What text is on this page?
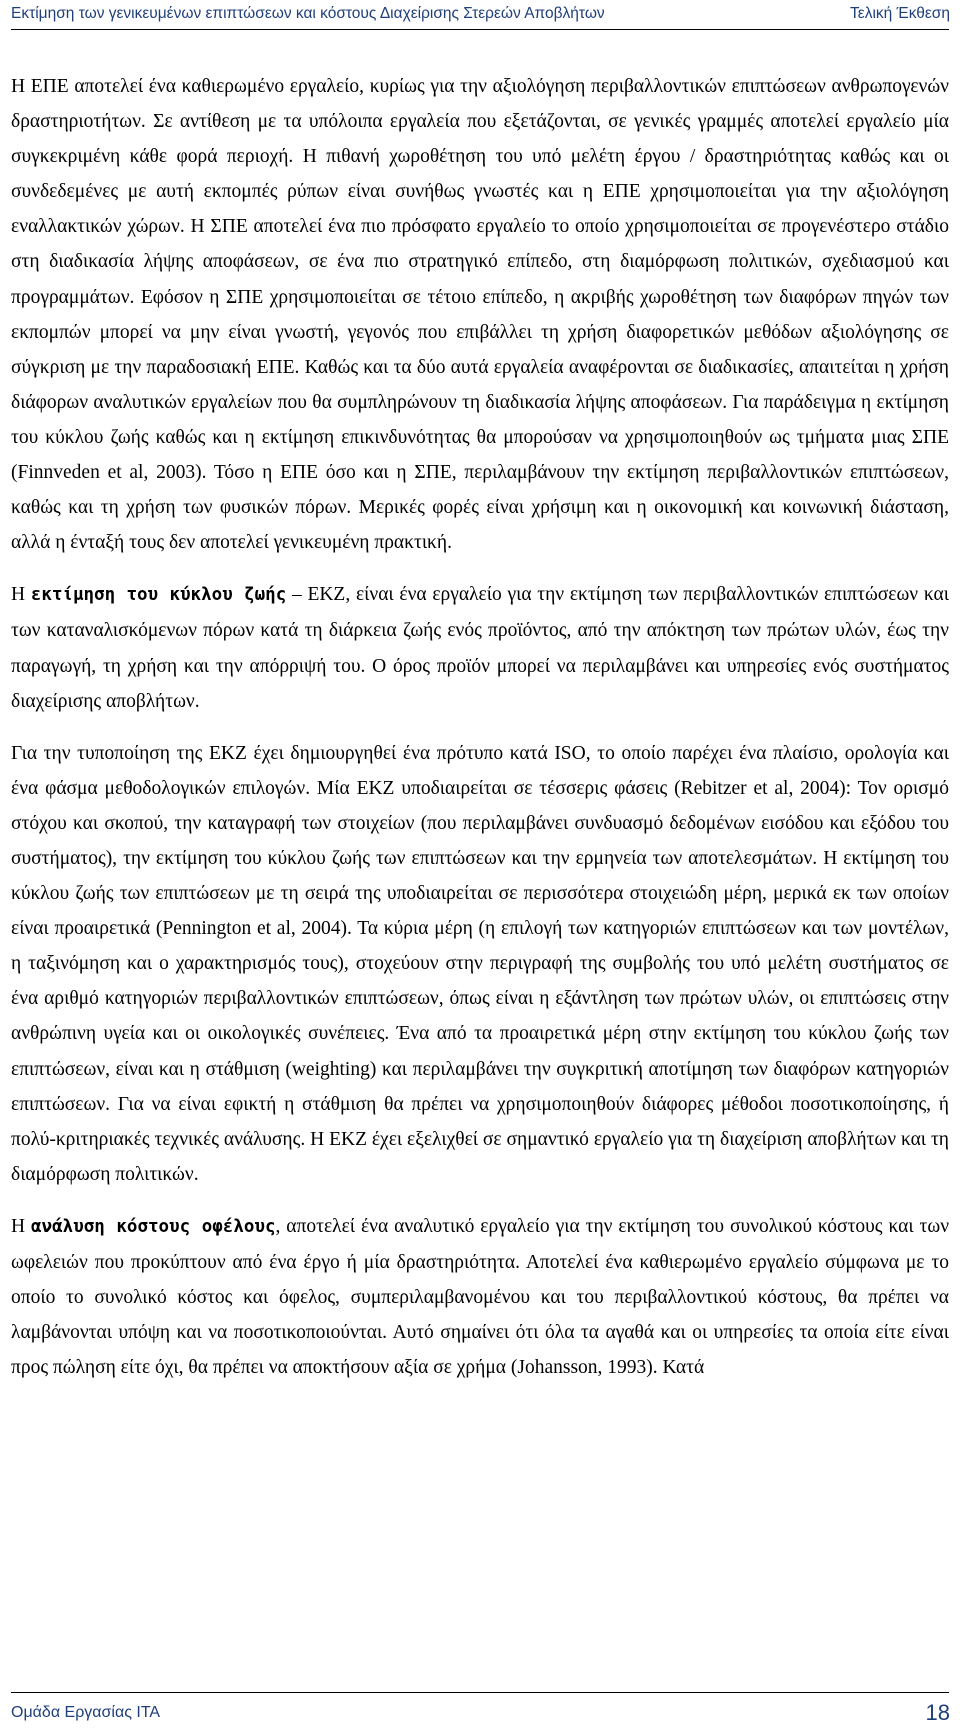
Εκτίμηση των γενικευμένων επιπτώσεων και κόστους Διαχείρισης Στερεών Αποβλήτων	Τελική Έκθεση

Η ΕΠΕ αποτελεί ένα καθιερωμένο εργαλείο, κυρίως για την αξιολόγηση περιβαλλοντικών επιπτώσεων ανθρωπογενών δραστηριοτήτων. Σε αντίθεση με τα υπόλοιπα εργαλεία που εξετάζονται, σε γενικές γραμμές αποτελεί εργαλείο μία συγκεκριμένη κάθε φορά περιοχή. Η πιθανή χωροθέτηση του υπό μελέτη έργου / δραστηριότητας καθώς και οι συνδεδεμένες με αυτή εκπομπές ρύπων είναι συνήθως γνωστές και η ΕΠΕ χρησιμοποιείται για την αξιολόγηση εναλλακτικών χώρων. Η ΣΠΕ αποτελεί ένα πιο πρόσφατο εργαλείο το οποίο χρησιμοποιείται σε προγενέστερο στάδιο στη διαδικασία λήψης αποφάσεων, σε ένα πιο στρατηγικό επίπεδο, στη διαμόρφωση πολιτικών, σχεδιασμού και προγραμμάτων. Εφόσον η ΣΠΕ χρησιμοποιείται σε τέτοιο επίπεδο, η ακριβής χωροθέτηση των διαφόρων πηγών των εκπομπών μπορεί να μην είναι γνωστή, γεγονός που επιβάλλει τη χρήση διαφορετικών μεθόδων αξιολόγησης σε σύγκριση με την παραδοσιακή ΕΠΕ. Καθώς και τα δύο αυτά εργαλεία αναφέρονται σε διαδικασίες, απαιτείται η χρήση διάφορων αναλυτικών εργαλείων που θα συμπληρώνουν τη διαδικασία λήψης αποφάσεων. Για παράδειγμα η εκτίμηση του κύκλου ζωής καθώς και η εκτίμηση επικινδυνότητας θα μπορούσαν να χρησιμοποιηθούν ως τμήματα μιας ΣΠΕ (Finnveden et al, 2003). Τόσο η ΕΠΕ όσο και η ΣΠΕ, περιλαμβάνουν την εκτίμηση περιβαλλοντικών επιπτώσεων, καθώς και τη χρήση των φυσικών πόρων. Μερικές φορές είναι χρήσιμη και η οικονομική και κοινωνική διάσταση, αλλά η ένταξή τους δεν αποτελεί γενικευμένη πρακτική.

Η εκτίμηση του κύκλου ζωής – ΕΚΖ, είναι ένα εργαλείο για την εκτίμηση των περιβαλλοντικών επιπτώσεων και των καταναλισκόμενων πόρων κατά τη διάρκεια ζωής ενός προϊόντος, από την απόκτηση των πρώτων υλών, έως την παραγωγή, τη χρήση και την απόρριψή του. Ο όρος προϊόν μπορεί να περιλαμβάνει και υπηρεσίες ενός συστήματος διαχείρισης αποβλήτων.

Για την τυποποίηση της ΕΚΖ έχει δημιουργηθεί ένα πρότυπο κατά ISO, το οποίο παρέχει ένα πλαίσιο, ορολογία και ένα φάσμα μεθοδολογικών επιλογών. Μία ΕΚΖ υποδιαιρείται σε τέσσερις φάσεις (Rebitzer et al, 2004): Τον ορισμό στόχου και σκοπού, την καταγραφή των στοιχείων (που περιλαμβάνει συνδυασμό δεδομένων εισόδου και εξόδου του συστήματος), την εκτίμηση του κύκλου ζωής των επιπτώσεων και την ερμηνεία των αποτελεσμάτων. Η εκτίμηση του κύκλου ζωής των επιπτώσεων με τη σειρά της υποδιαιρείται σε περισσότερα στοιχειώδη μέρη, μερικά εκ των οποίων είναι προαιρετικά (Pennington et al, 2004). Τα κύρια μέρη (η επιλογή των κατηγοριών επιπτώσεων και των μοντέλων, η ταξινόμηση και ο χαρακτηρισμός τους), στοχεύουν στην περιγραφή της συμβολής του υπό μελέτη συστήματος σε ένα αριθμό κατηγοριών περιβαλλοντικών επιπτώσεων, όπως είναι η εξάντληση των πρώτων υλών, οι επιπτώσεις στην ανθρώπινη υγεία και οι οικολογικές συνέπειες. Ένα από τα προαιρετικά μέρη στην εκτίμηση του κύκλου ζωής των επιπτώσεων, είναι και η στάθμιση (weighting) και περιλαμβάνει την συγκριτική αποτίμηση των διαφόρων κατηγοριών επιπτώσεων. Για να είναι εφικτή η στάθμιση θα πρέπει να χρησιμοποιηθούν διάφορες μέθοδοι ποσοτικοποίησης, ή πολύ-κριτηριακές τεχνικές ανάλυσης. Η ΕΚΖ έχει εξελιχθεί σε σημαντικό εργαλείο για τη διαχείριση αποβλήτων και τη διαμόρφωση πολιτικών.

Η ανάλυση κόστους οφέλους, αποτελεί ένα αναλυτικό εργαλείο για την εκτίμηση του συνολικού κόστους και των ωφελειών που προκύπτουν από ένα έργο ή μία δραστηριότητα. Αποτελεί ένα καθιερωμένο εργαλείο σύμφωνα με το οποίο το συνολικό κόστος και όφελος, συμπεριλαμβανομένου και του περιβαλλοντικού κόστους, θα πρέπει να λαμβάνονται υπόψη και να ποσοτικοποιούνται. Αυτό σημαίνει ότι όλα τα αγαθά και οι υπηρεσίες τα οποία είτε είναι προς πώληση είτε όχι, θα πρέπει να αποκτήσουν αξία σε χρήμα (Johansson, 1993). Κατά

Ομάδα Εργασίας ΙΤΑ	18
